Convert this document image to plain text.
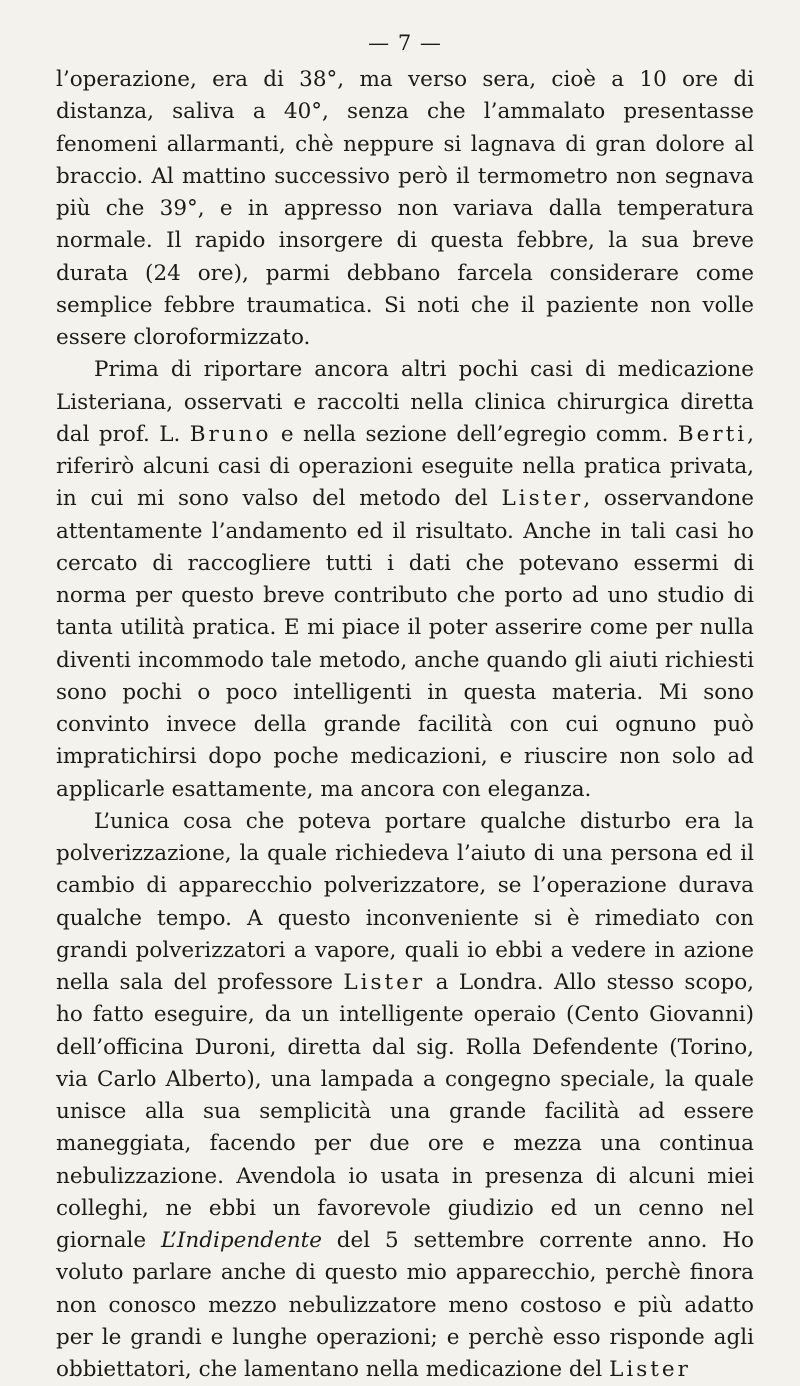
— 7 —

l’operazione, era di 38°, ma verso sera, cioè a 10 ore di distanza, saliva a 40°, senza che l’ammalato presentasse fenomeni allarmanti, chè neppure si lagnava di gran dolore al braccio. Al mattino successivo però il termometro non segnava più che 39°, e in appresso non variava dalla temperatura normale. Il rapido insorgere di questa febbre, la sua breve durata (24 ore), parmi debbano farcela considerare come semplice febbre traumatica. Si noti che il paziente non volle essere cloroformizzato.

Prima di riportare ancora altri pochi casi di medicazione Listeriana, osservati e raccolti nella clinica chirurgica diretta dal prof. L. Bruno e nella sezione dell’egregio comm. Berti, riferirò alcuni casi di operazioni eseguite nella pratica privata, in cui mi sono valso del metodo del Lister, osservandone attentamente l’andamento ed il risultato. Anche in tali casi ho cercato di raccogliere tutti i dati che potevano essermi di norma per questo breve contributo che porto ad uno studio di tanta utilità pratica. E mi piace il poter asserire come per nulla diventi incommodo tale metodo, anche quando gli aiuti richiesti sono pochi o poco intelligenti in questa materia. Mi sono convinto invece della grande facilità con cui ognuno può impratichirsi dopo poche medicazioni, e riuscire non solo ad applicarle esattamente, ma ancora con eleganza.

L’unica cosa che poteva portare qualche disturbo era la polverizzazione, la quale richiedeva l’aiuto di una persona ed il cambio di apparecchio polverizzatore, se l’operazione durava qualche tempo. A questo inconveniente si è rimediato con grandi polverizzatori a vapore, quali io ebbi a vedere in azione nella sala del professore Lister a Londra. Allo stesso scopo, ho fatto eseguire, da un intelligente operaio (Cento Giovanni) dell’officina Duroni, diretta dal sig. Rolla Defendente (Torino, via Carlo Alberto), una lampada a congegno speciale, la quale unisce alla sua semplicità una grande facilità ad essere maneggiata, facendo per due ore e mezza una continua nebulizzazione. Avendola io usata in presenza di alcuni miei colleghi, ne ebbi un favorevole giudizio ed un cenno nel giornale L’Indipendente del 5 settembre corrente anno. Ho voluto parlare anche di questo mio apparecchio, perchè finora non conosco mezzo nebulizzatore meno costoso e più adatto per le grandi e lunghe operazioni; e perchè esso risponde agli obbiettatori, che lamentano nella medicazione del Lister
